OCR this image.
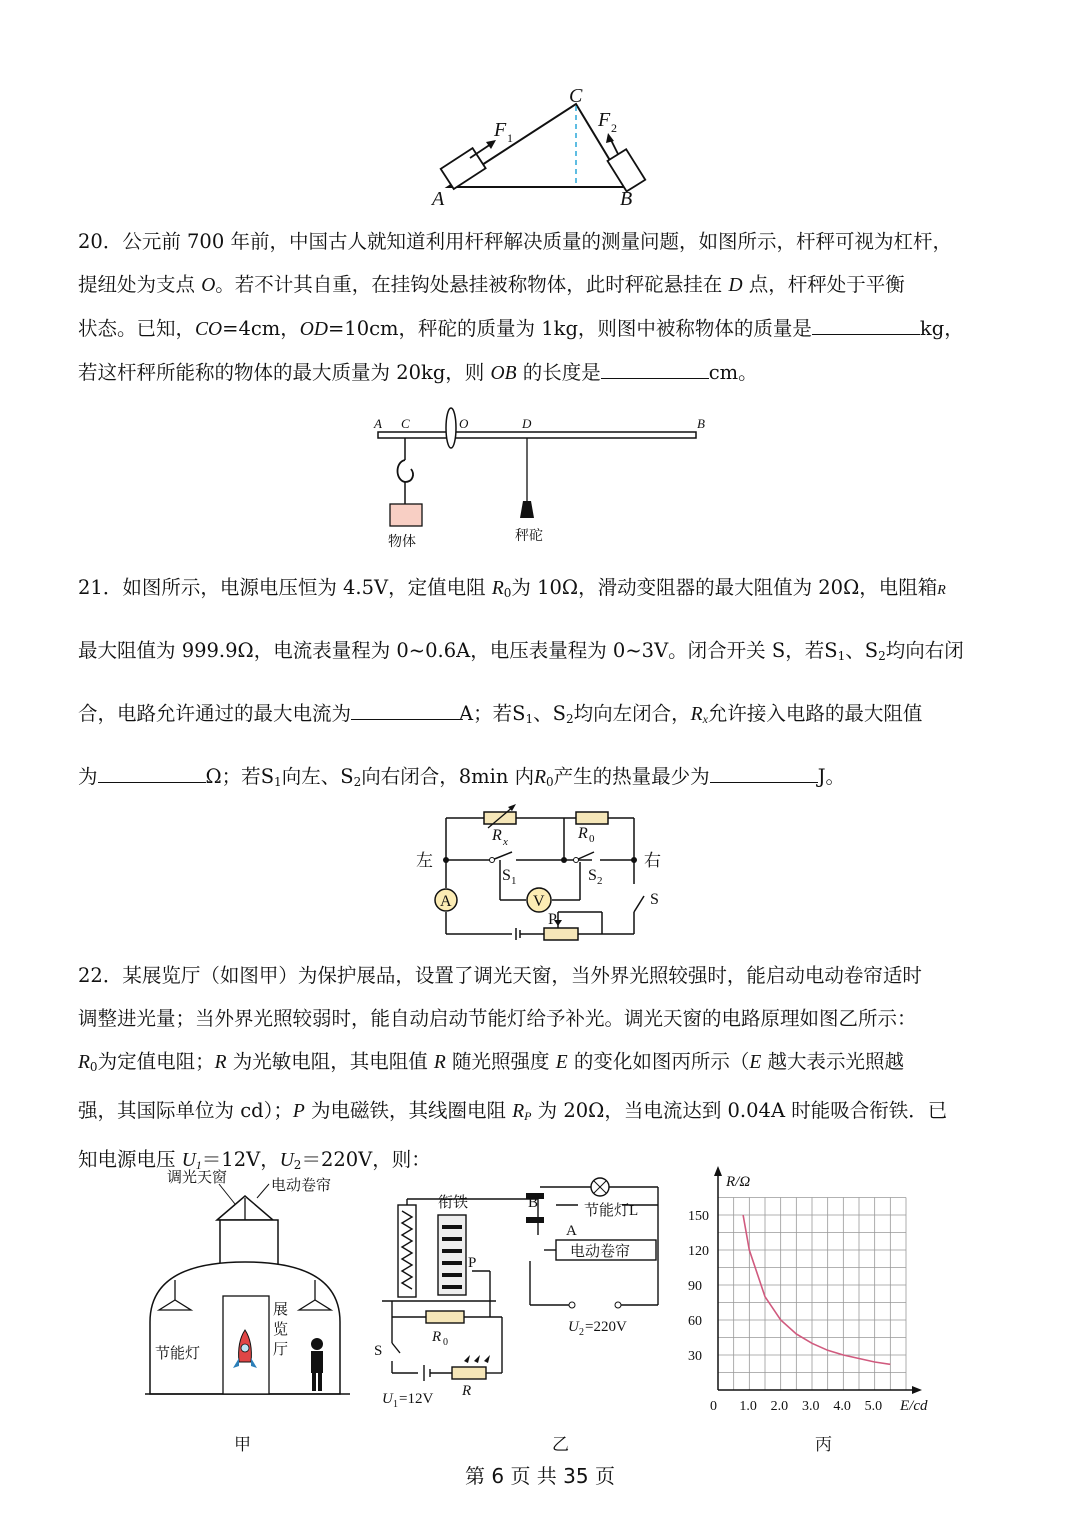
C
A	B
F 1
F 2

20．公元前 700 年前，中国古人就知道利用杆秤解决质量的测量问题，如图所示，杆秤可视为杠杆，

提纽处为支点 O。若不计其自重，在挂钩处悬挂被称物体，此时秤砣悬挂在 D 点，杆秤处于平衡

状态。已知，CO=4cm，OD=10cm，秤砣的质量为 1kg，则图中被称物体的质量是	kg，

若这杆秤所能称的物体的最大质量为 20kg，则 OB 的长度是	cm。

A C	O	D	B
物体	秤砣

21．如图所示，电源电压恒为 4.5V，定值电阻 $R_0$为 10Ω，滑动变阻器的最大阻值为 20Ω，电阻箱R

最大阻值为 999.9Ω，电流表量程为 0~0.6A，电压表量程为 0~3V。闭合开关 S，若$S_1$、$S_2$均向右闭

合，电路允许通过的最大电流为	A；若$S_1$、$S_2$均向左闭合，$R_x$允许接入电路的最大阻值

为	Ω；若$S_1$向左、$S_2$向右闭合，8min 内$R_0$产生的热量最少为	J。

A	V
左	右
R x	R 0
S 1	S 2
S
P

22．某展览厅（如图甲）为保护展品，设置了调光天窗，当外界光照较强时，能启动电动卷帘适时

调整进光量；当外界光照较弱时，能自动启动节能灯给予补光。调光天窗的电路原理如图乙所示：

$R_0$为定值电阻；R 为光敏电阻，其电阻值 R 随光照强度 E 的变化如图丙所示（E 越大表示光照越

强，其国际单位为 cd）；P 为电磁铁，其线圈电阻 $R_P$ 为 20Ω，当电流达到 0.04A 时能吸合衔铁．已

知电源电压 $U_1=12V$，$U_2=220V$，则：

调光天窗	电动卷帘
节能灯
展
览
厅
甲
衔铁	节能灯L
电动卷帘
B
A
P
S
R 0
R
U 2 =220V
U 1 =12V
乙
R/Ω
E/cd
150
120
90
60
30
0 1.0 2.0 3.0 4.0 5.0
丙
第 6 页 共 35 页
